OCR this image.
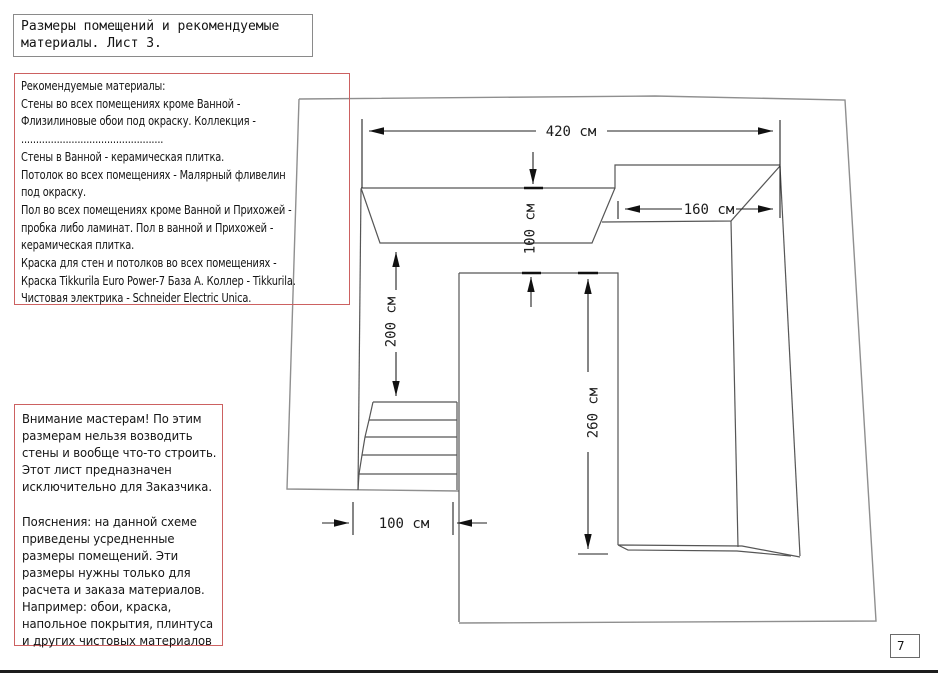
420 см
160 см
100 см
200 см
260 см
100 см
Размеры помещений и рекомендуемые
материалы. Лист 3.
Рекомендуемые материалы:
Стены во всех помещениях кроме Ванной -
Флизилиновые обои под окраску. Коллекция -
................................................
Стены в Ванной - керамическая плитка.
Потолок во всех помещениях - Малярный фливелин
под окраску.
Пол во всех помещениях кроме Ванной и Прихожей -
пробка либо ламинат. Пол в ванной и Прихожей -
керамическая плитка.
Краска для стен и потолков во всех помещениях -
Краска Tikkurila Euro Power-7 База А. Коллер - Tikkurila.
Чистовая электрика - Schneider Electric Unica.
Внимание мастерам! По этим
размерам нельзя возводить
стены и вообще что-то строить.
Этот лист предназначен
исключительно для Заказчика.

Пояснения: на данной схеме
приведены усредненные
размеры помещений. Эти
размеры нужны только для
расчета и заказа материалов.
Например: обои, краска,
напольное покрытия, плинтуса
и других чистовых материалов	7
